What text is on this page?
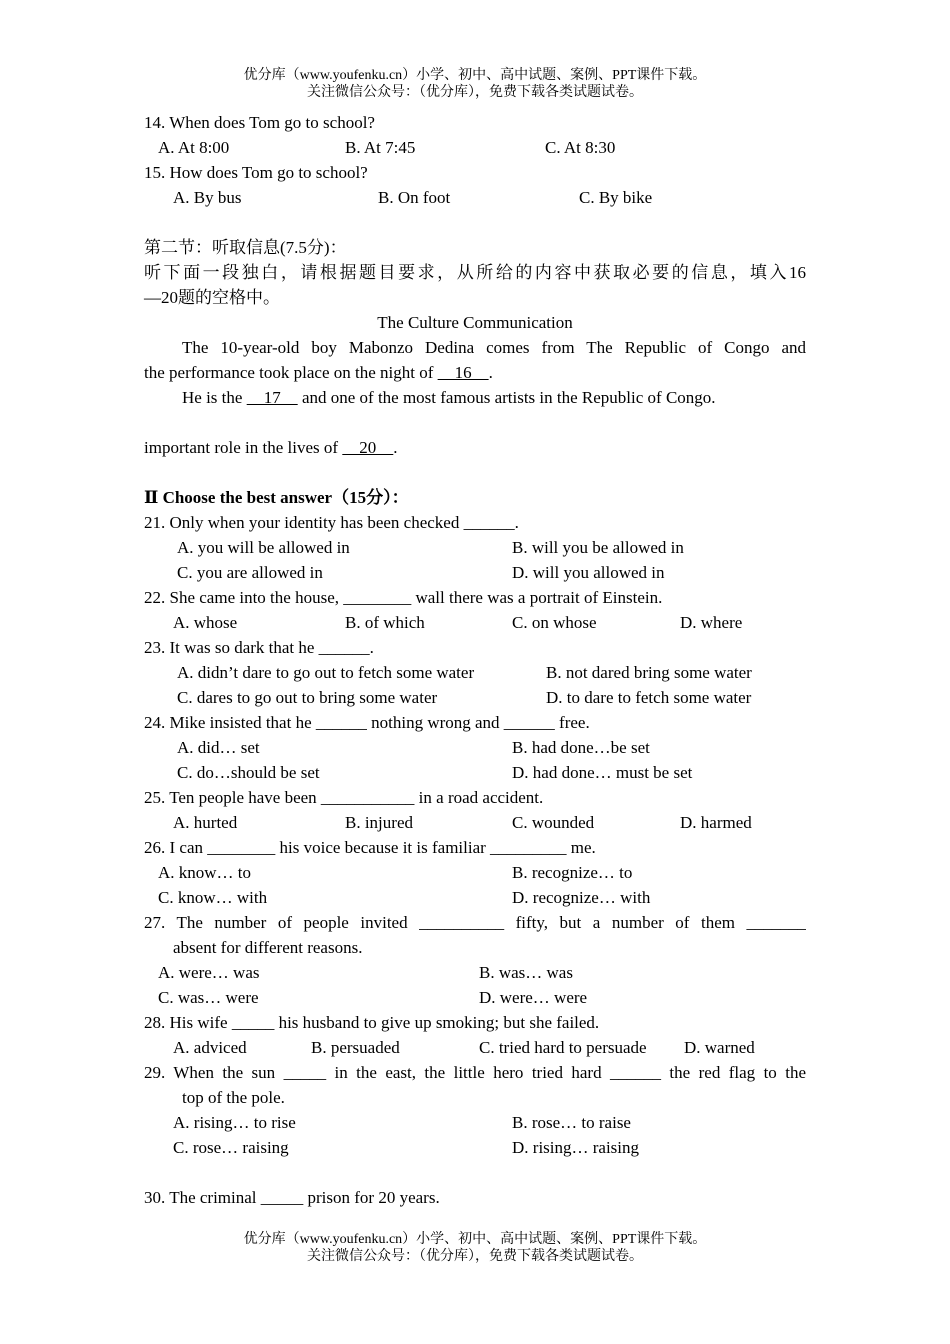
优分库（www.youfenku.cn）小学、初中、高中试题、案例、PPT课件下载。
关注微信公众号：（优分库），免费下载各类试题试卷。
14. When does Tom go to school?
A. At 8:00	B. At 7:45	C. At 8:30
15. How does Tom go to school?
A. By bus	B. On foot	C. By bike
第二节：听取信息(7.5分)：
听下面一段独白，请根据题目要求，从所给的内容中获取必要的信息，填入16
—20题的空格中。
The Culture Communication
The 10-year-old boy Mabonzo Dedina comes from The Republic of Congo and
the performance took place on the night of     16    .
He is the     17     and one of the most famous artists in the Republic of Congo.

important role in the lives of     20    .
Ⅱ Choose the best answer（15分）：
21. Only when your identity has been checked ______.
A. you will be allowed in	B. will you be allowed in
C. you are allowed in	D. will you allowed in
22. She came into the house, ________ wall there was a portrait of Einstein.
A. whose	B. of which	C. on whose	D. where
23. It was so dark that he ______.
A. didn’t dare to go out to fetch some water	B. not dared bring some water
C. dares to go out to bring some water	D. to dare to fetch some water
24. Mike insisted that he ______ nothing wrong and ______ free.
A. did… set	B. had done…be set
C. do…should be set	D. had done… must be set
25. Ten people have been ___________ in a road accident.
A. hurted	B. injured	C. wounded	D. harmed
26. I can ________ his voice because it is familiar _________ me.
A. know… to	B. recognize… to
C. know… with	D. recognize… with
27. The number of people invited __________ fifty, but a number of them _______
absent for different reasons.
A. were… was	B. was… was
C. was… were	D. were… were
28. His wife _____ his husband to give up smoking; but she failed.
A. adviced	B. persuaded	C. tried hard to persuade D. warned
29. When the sun _____ in the east, the little hero tried hard ______ the red flag to the
top of the pole.
A. rising… to rise	B. rose… to raise
C. rose… raising	D. rising… raising
30. The criminal _____ prison for 20 years.
优分库（www.youfenku.cn）小学、初中、高中试题、案例、PPT课件下载。
关注微信公众号：（优分库），免费下载各类试题试卷。
